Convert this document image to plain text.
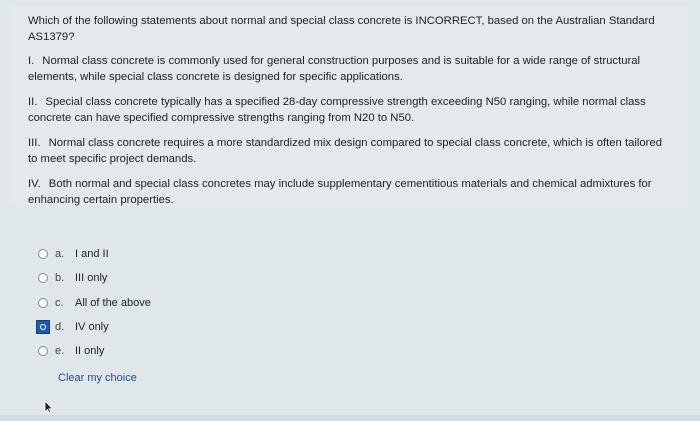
Which of the following statements about normal and special class concrete is INCORRECT, based on the Australian Standard AS1379?

I. Normal class concrete is commonly used for general construction purposes and is suitable for a wide range of structural elements, while special class concrete is designed for specific applications.

II. Special class concrete typically has a specified 28-day compressive strength exceeding N50 ranging, while normal class concrete can have specified compressive strengths ranging from N20 to N50.

III. Normal class concrete requires a more standardized mix design compared to special class concrete, which is often tailored to meet specific project demands.

IV. Both normal and special class concretes may include supplementary cementitious materials and chemical admixtures for enhancing certain properties.

a. I and II
b. III only
c.	All of the above
d. IV only
e. II only
Clear my choice
